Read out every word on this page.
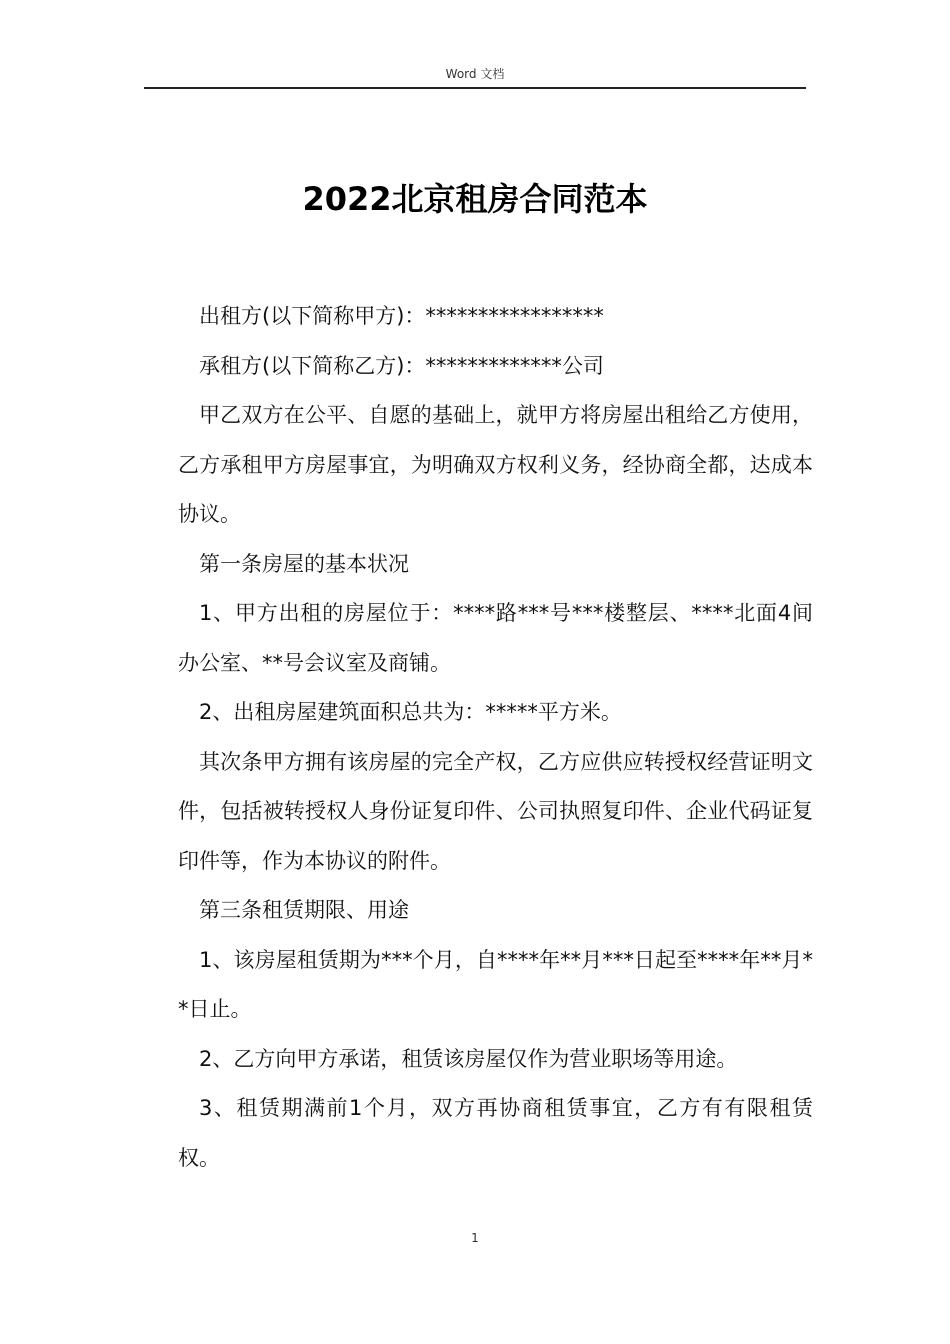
Word 文档
2022北京租房合同范本

出租方(以下简称甲方)：*****************

承租方(以下简称乙方)：*************公司

甲乙双方在公平、自愿的基础上，就甲方将房屋出租给乙方使用，乙方承租甲方房屋事宜，为明确双方权利义务，经协商全都，达成本协议。

第一条房屋的基本状况

1、甲方出租的房屋位于：****路***号***楼整层、****北面4间办公室、**号会议室及商铺。

2、出租房屋建筑面积总共为：*****平方米。

其次条甲方拥有该房屋的完全产权，乙方应供应转授权经营证明文件，包括被转授权人身份证复印件、公司执照复印件、企业代码证复印件等，作为本协议的附件。

第三条租赁期限、用途

1、该房屋租赁期为***个月，自****年**月***日起至****年**月**日止。

2、乙方向甲方承诺，租赁该房屋仅作为营业职场等用途。

3、租赁期满前1个月，双方再协商租赁事宜，乙方有有限租赁权。

1
